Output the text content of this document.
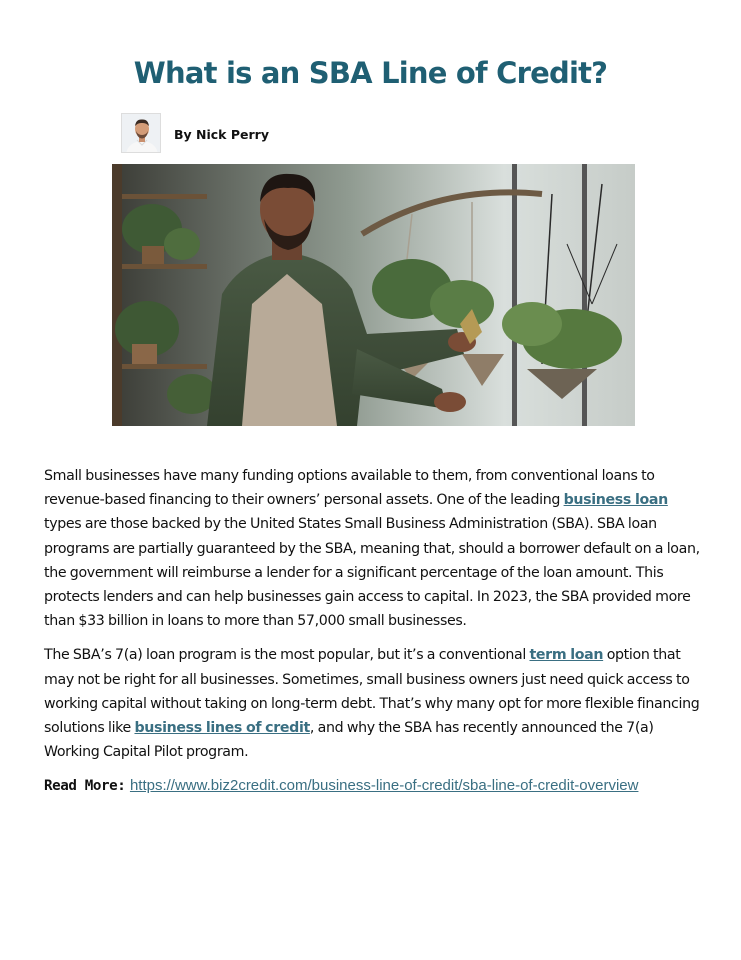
What is an SBA Line of Credit?
By Nick Perry

Small businesses have many funding options available to them, from conventional loans to revenue-based financing to their owners’ personal assets. One of the leading business loan types are those backed by the United States Small Business Administration (SBA). SBA loan programs are partially guaranteed by the SBA, meaning that, should a borrower default on a loan, the government will reimburse a lender for a significant percentage of the loan amount. This protects lenders and can help businesses gain access to capital. In 2023, the SBA provided more than $33 billion in loans to more than 57,000 small businesses.

The SBA’s 7(a) loan program is the most popular, but it’s a conventional term loan option that may not be right for all businesses. Sometimes, small business owners just need quick access to working capital without taking on long-term debt. That’s why many opt for more flexible financing solutions like business lines of credit, and why the SBA has recently announced the 7(a) Working Capital Pilot program.

Read More: https://www.biz2credit.com/business-line-of-credit/sba-line-of-credit-overview
